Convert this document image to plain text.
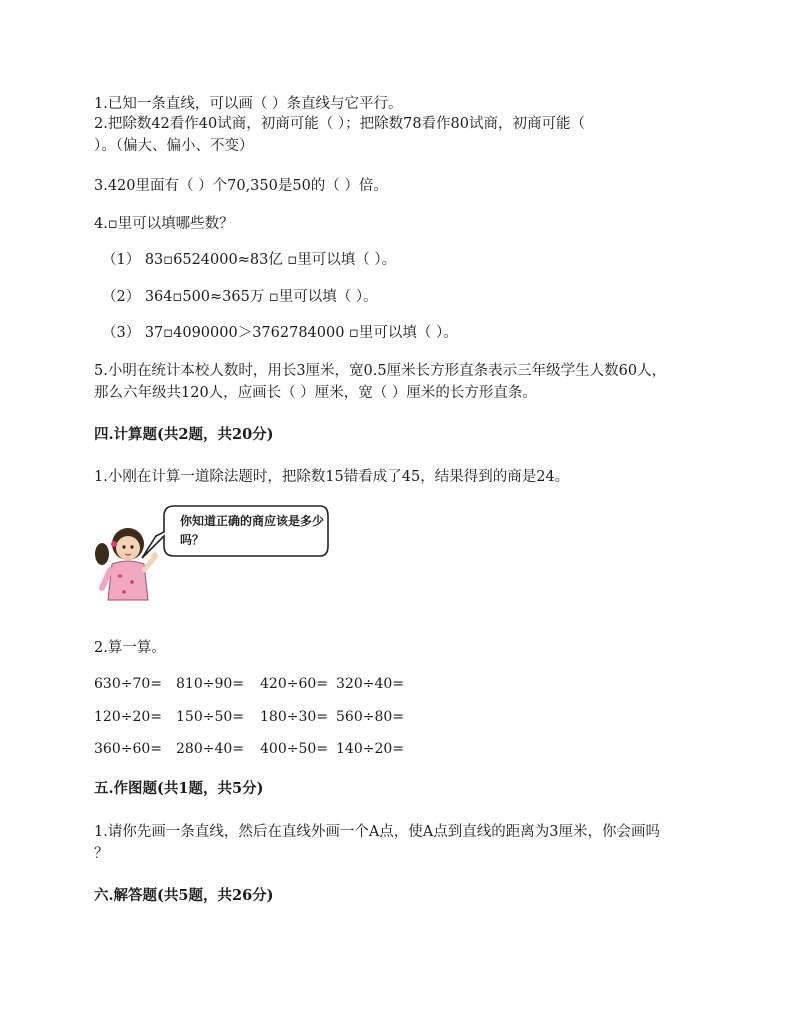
1.已知一条直线，可以画（ ）条直线与它平行。
2.把除数42看作40试商，初商可能（ ）；把除数78看作80试商，初商可能（
）。（偏大、偏小、不变）
3.420里面有（ ）个70,350是50的（ ）倍。
4.▫里可以填哪些数？
（1） 83▫6524000≈83亿 ▫里可以填（ ）。
（2） 364▫500≈365万 ▫里可以填（ ）。
（3） 37▫4090000＞3762784000 ▫里可以填（ ）。
5.小明在统计本校人数时，用长3厘米，宽0.5厘米长方形直条表示三年级学生人数60人，
那么六年级共120人，应画长（ ）厘米，宽（ ）厘米的长方形直条。
四.计算题(共2题，共20分)
1.小刚在计算一道除法题时，把除数15错看成了45，结果得到的商是24。
你知道正确的商应该是多少吗？
2.算一算。
630÷70= 810÷90= 420÷60= 320÷40=
120÷20= 150÷50= 180÷30= 560÷80=
360÷60= 280÷40= 400÷50= 140÷20=
五.作图题(共1题，共5分)
1.请你先画一条直线，然后在直线外画一个A点，使A点到直线的距离为3厘米，你会画吗
？
六.解答题(共5题，共26分)
